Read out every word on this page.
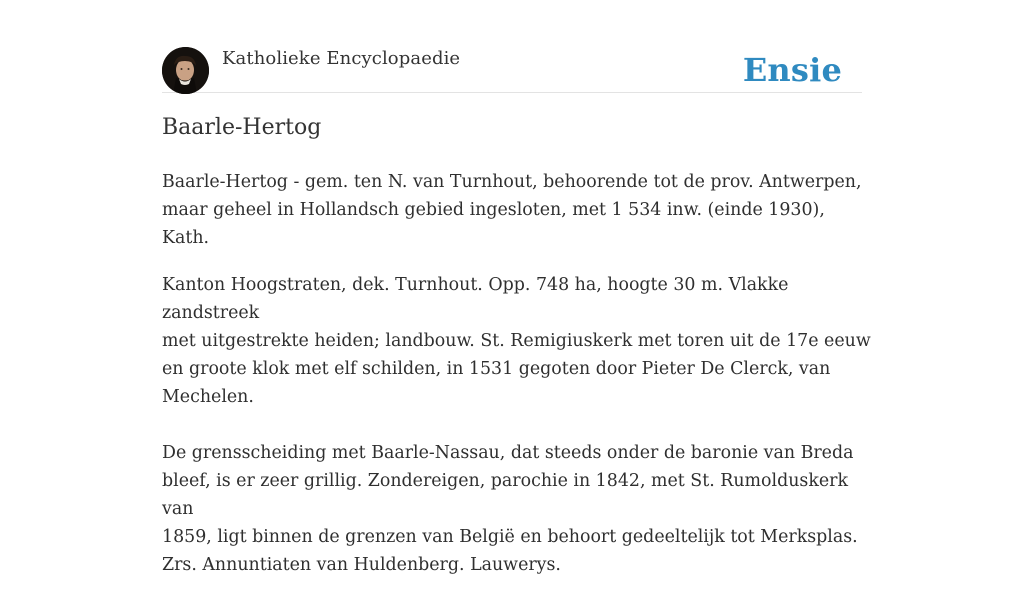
Katholieke Encyclopaedie	Ensie
Baarle-Hertog

Baarle-Hertog - gem. ten N. van Turnhout, behoorende tot de prov. Antwerpen,
maar geheel in Hollandsch gebied ingesloten, met 1 534 inw. (einde 1930), Kath.

Kanton Hoogstraten, dek. Turnhout. Opp. 748 ha, hoogte 30 m. Vlakke zandstreek
met uitgestrekte heiden; landbouw. St. Remigiuskerk met toren uit de 17e eeuw
en groote klok met elf schilden, in 1531 gegoten door Pieter De Clerck, van
Mechelen.

De grensscheiding met Baarle-Nassau, dat steeds onder de baronie van Breda
bleef, is er zeer grillig. Zondereigen, parochie in 1842, met St. Rumolduskerk van
1859, ligt binnen de grenzen van België en behoort gedeeltelijk tot Merksplas.
Zrs. Annuntiaten van Huldenberg. Lauwerys.
